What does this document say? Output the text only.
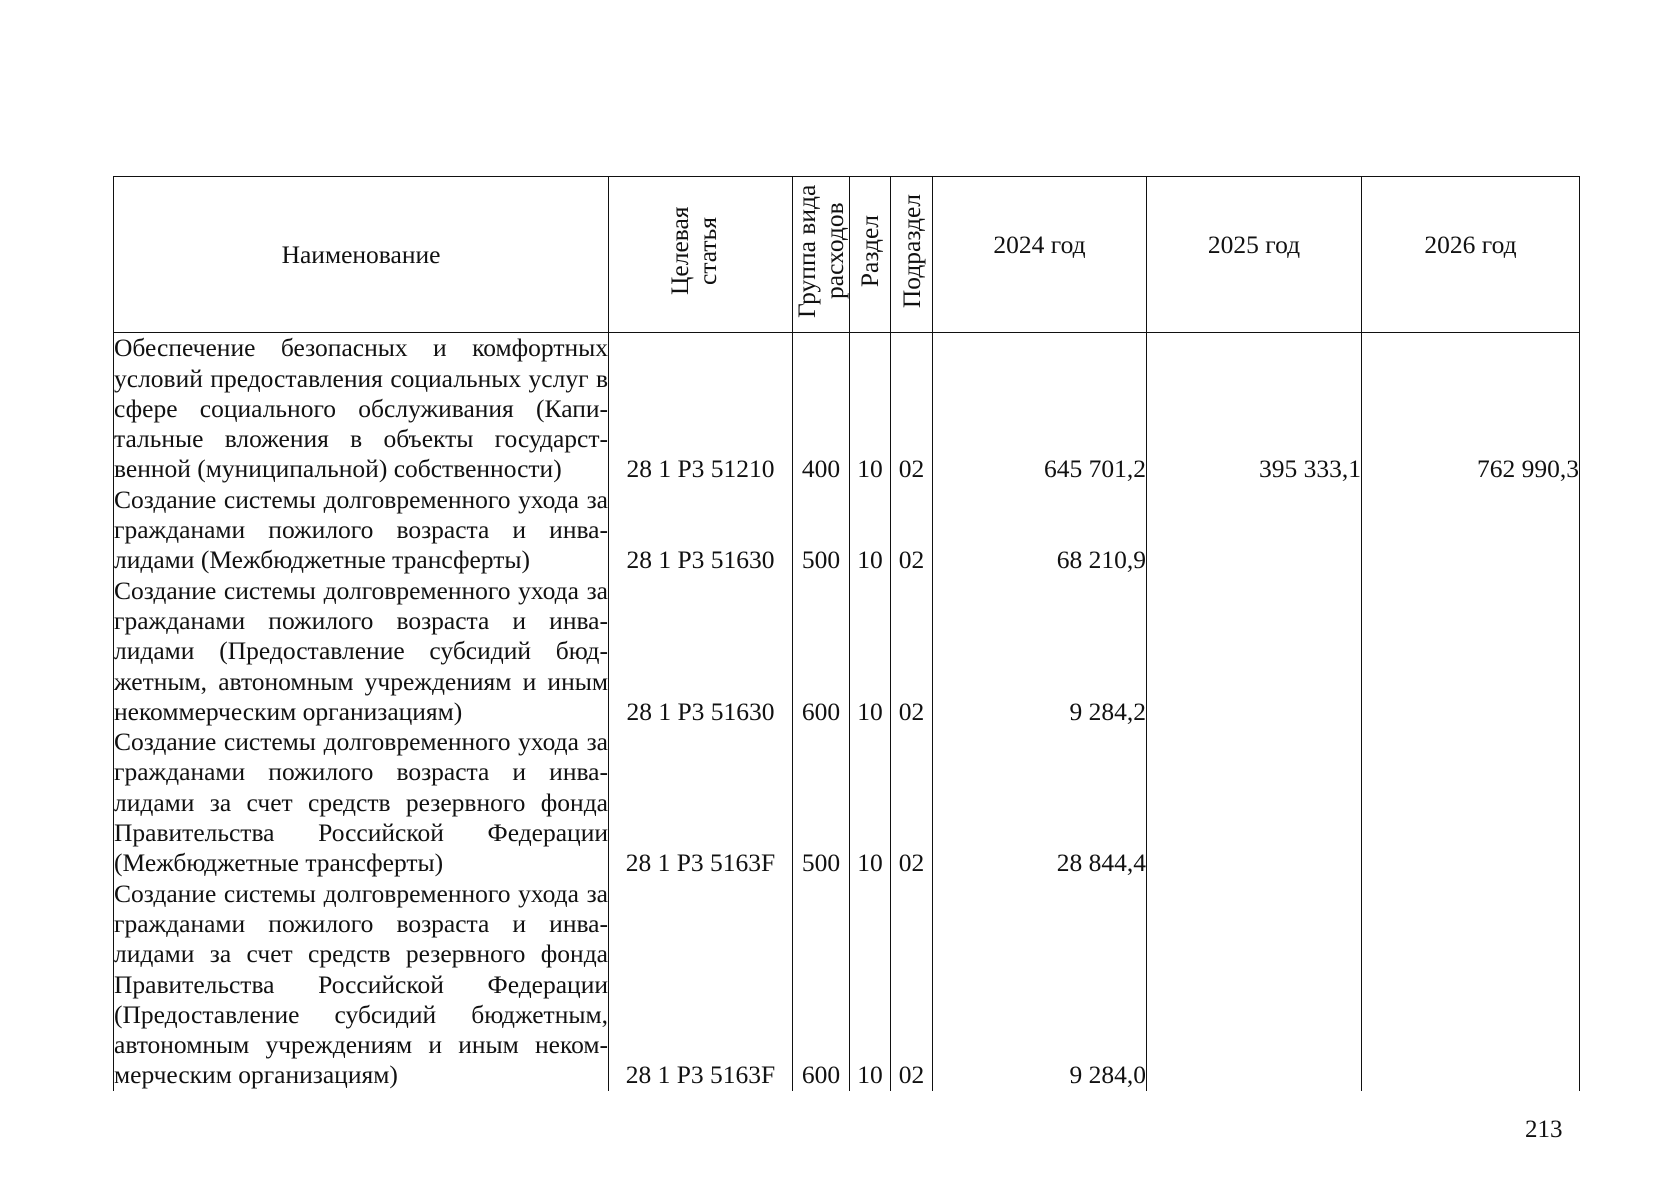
Наименование	Целевая статья	Группа вида расходов	Раздел	Подраздел	2024 год	2025 год	2026 год

Обеспечение безопасных и комфортных условий предоставления социальных услуг в сфере социального обслуживания (Капитальные вложения в объекты государственной (муниципальной) собственности)	28 1 Р3 51210	400	10	02	645 701,2	395 333,1	762 990,3
Создание системы долговременного ухода за гражданами пожилого возраста и инвалидами (Межбюджетные трансферты)	28 1 Р3 51630	500	10	02	68 210,9		
Создание системы долговременного ухода за гражданами пожилого возраста и инвалидами (Предоставление субсидий бюджетным, автономным учреждениям и иным некоммерческим организациям)	28 1 Р3 51630	600	10	02	9 284,2		
Создание системы долговременного ухода за гражданами пожилого возраста и инвалидами за счет средств резервного фонда Правительства Российской Федерации (Межбюджетные трансферты)	28 1 Р3 5163F	500	10	02	28 844,4		
Создание системы долговременного ухода за гражданами пожилого возраста и инвалидами за счет средств резервного фонда Правительства Российской Федерации (Предоставление субсидий бюджетным, автономным учреждениям и иным некоммерческим организациям)	28 1 Р3 5163F	600	10	02	9 284,0		
213
